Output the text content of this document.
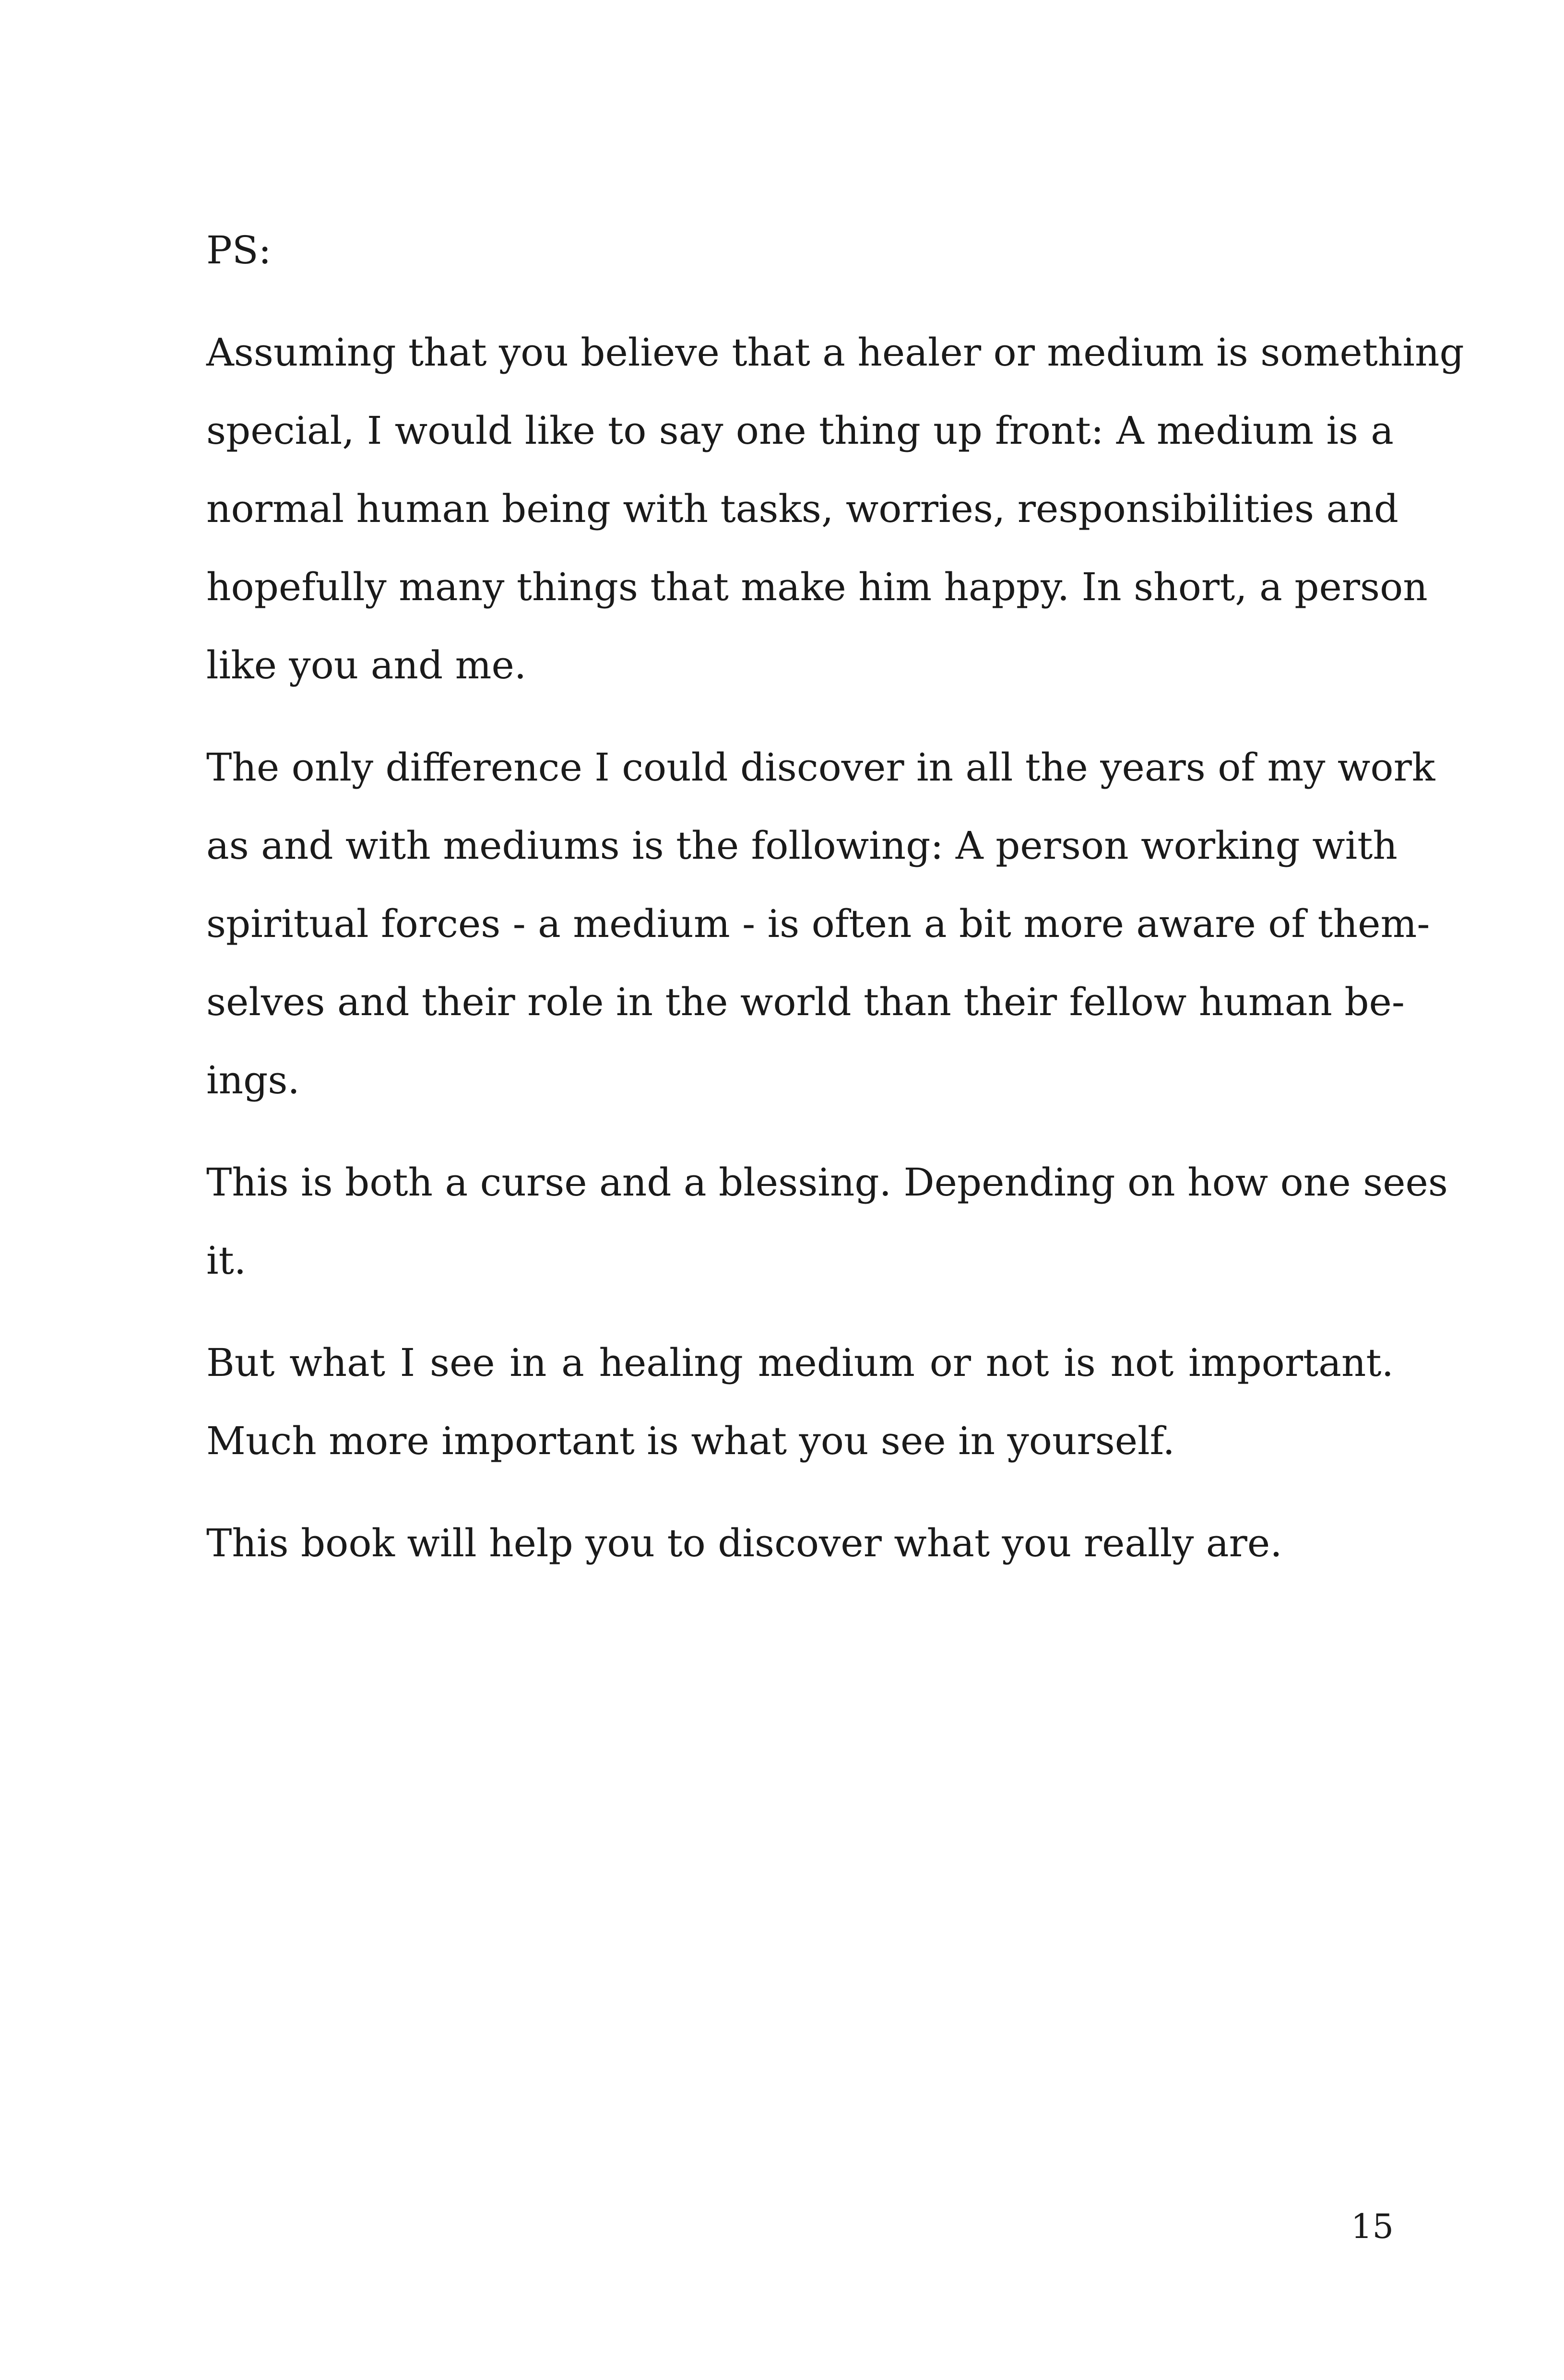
PS:

Assuming that you believe that a healer or medium is something
special, I would like to say one thing up front: A medium is a
normal human being with tasks, worries, responsibilities and
hopefully many things that make him happy. In short, a person
like you and me.

The only difference I could discover in all the years of my work
as and with mediums is the following: A person working with
spiritual forces - a medium - is often a bit more aware of them-
selves and their role in the world than their fellow human be-
ings.

This is both a curse and a blessing. Depending on how one sees
it.

But what I see in a healing medium or not is not important.
Much more important is what you see in yourself.

This book will help you to discover what you really are.

15
